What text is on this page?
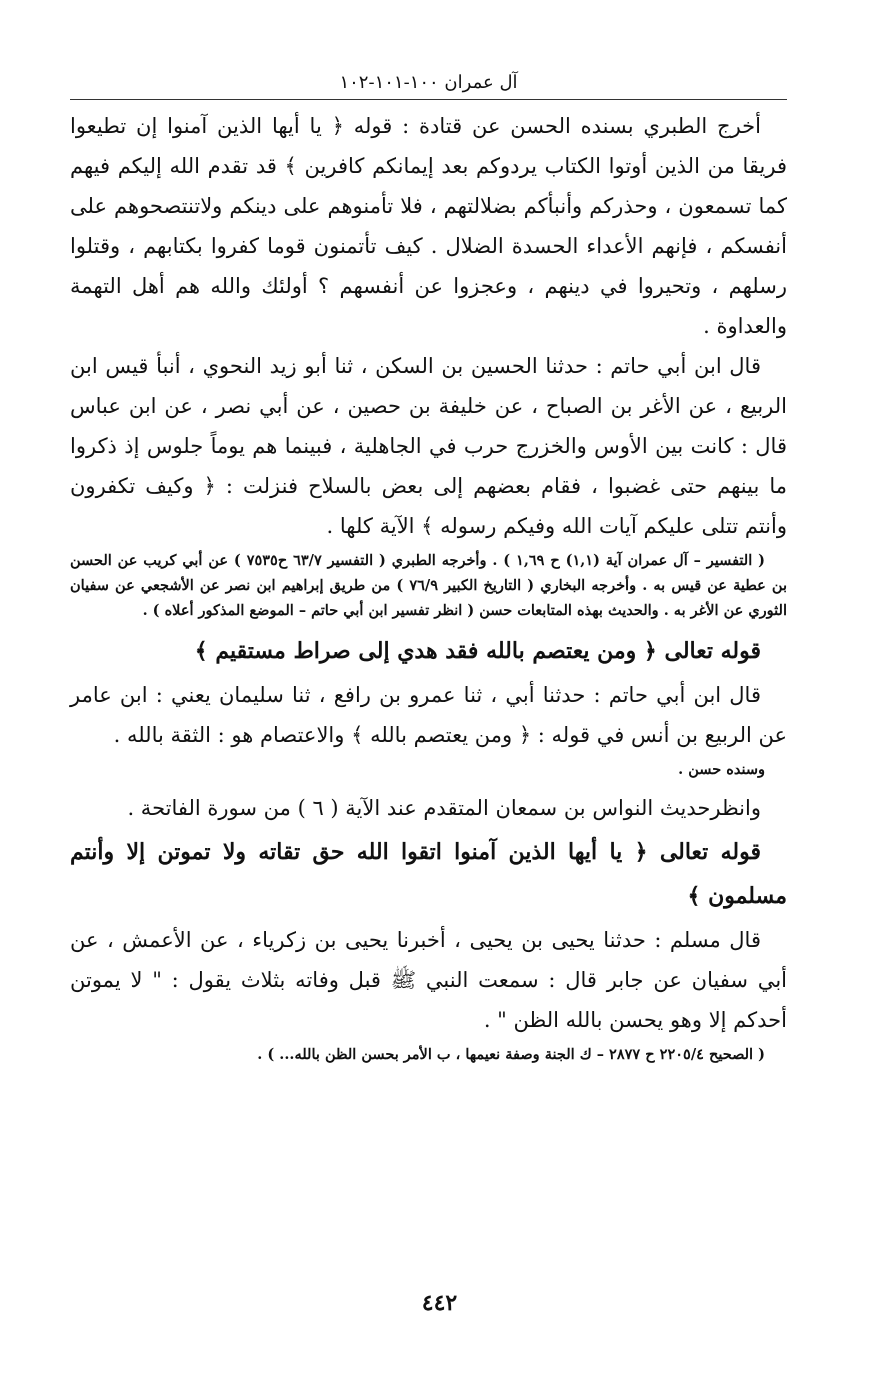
آل عمران ١٠٠-١٠١-١٠٢

أخرج الطبري بسنده الحسن عن قتادة : قوله ﴿ يا أيها الذين آمنوا إن تطيعوا فريقا من الذين أوتوا الكتاب يردوكم بعد إيمانكم كافرين ﴾ قد تقدم الله إليكم فيهم كما تسمعون ، وحذركم وأنبأكم بضلالتهم ، فلا تأمنوهم على دينكم ولاتنتصحوهم على أنفسكم ، فإنهم الأعداء الحسدة الضلال . كيف تأتمنون قوما كفروا بكتابهم ، وقتلوا رسلهم ، وتحيروا في دينهم ، وعجزوا عن أنفسهم ؟ أولئك والله هم أهل التهمة والعداوة .

قال ابن أبي حاتم : حدثنا الحسين بن السكن ، ثنا أبو زيد النحوي ، أنبأ قيس ابن الربيع ، عن الأغر بن الصباح ، عن خليفة بن حصين ، عن أبي نصر ، عن ابن عباس قال : كانت بين الأوس والخزرج حرب في الجاهلية ، فبينما هم يوماً جلوس إذ ذكروا ما بينهم حتى غضبوا ، فقام بعضهم إلى بعض بالسلاح فنزلت : ﴿ وكيف تكفرون وأنتم تتلى عليكم آيات الله وفيكم رسوله ﴾ الآية كلها .

( التفسير – آل عمران آية (١,١) ح ١,٦٩ ) . وأخرجه الطبري ( التفسير ٦٣/٧ ح٧٥٣٥ ) عن أبي كريب عن الحسن بن عطية عن قيس به . وأخرجه البخاري ( التاريخ الكبير ٧٦/٩ ) من طريق إبراهيم ابن نصر عن الأشجعي عن سفيان الثوري عن الأغر به . والحديث بهذه المتابعات حسن ( انظر تفسير ابن أبي حاتم – الموضع المذكور أعلاه ) .

قوله تعالى ﴿ ومن يعتصم بالله فقد هدي إلى صراط مستقيم ﴾

قال ابن أبي حاتم : حدثنا أبي ، ثنا عمرو بن رافع ، ثنا سليمان يعني : ابن عامر عن الربيع بن أنس في قوله : ﴿ ومن يعتصم بالله ﴾ والاعتصام هو : الثقة بالله .

وسنده حسن .

وانظرحديث النواس بن سمعان المتقدم عند الآية ( ٦ ) من سورة الفاتحة .

قوله تعالى ﴿ يا أيها الذين آمنوا اتقوا الله حق تقاته ولا تموتن إلا وأنتم مسلمون ﴾

قال مسلم : حدثنا يحيى بن يحيى ، أخبرنا يحيى بن زكرياء ، عن الأعمش ، عن أبي سفيان عن جابر قال : سمعت النبي ﷺ قبل وفاته بثلاث يقول : " لا يموتن أحدكم إلا وهو يحسن بالله الظن " .

( الصحيح ٢٢٠٥/٤ ح ٢٨٧٧ – ك الجنة وصفة نعيمها ، ب الأمر بحسن الظن بالله... ) .

٤٤٢
